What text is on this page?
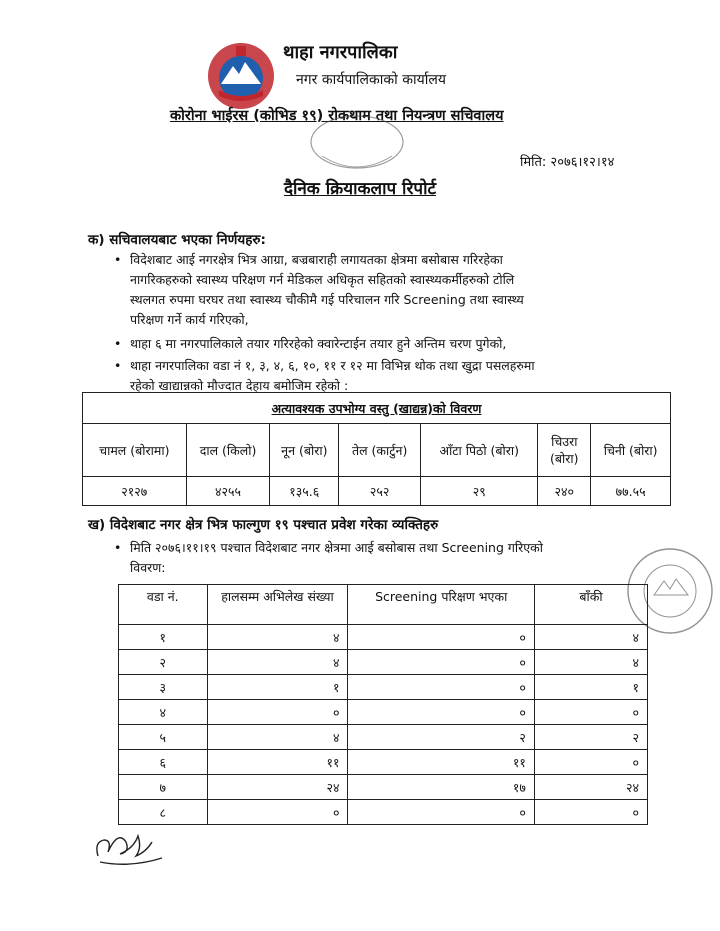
थाहा नगरपालिका
नगर कार्यपालिकाको कार्यालय
कोरोना भाईरस (कोभिड १९) रोकथाम तथा नियन्त्रण सचिवालय
मिति: २०७६।१२।१४
दैनिक क्रियाकलाप रिपोर्ट
क) सचिवालयबाट भएका निर्णयहरु:
• विदेशबाट आई नगरक्षेत्र भित्र आग्रा, बज्रबाराही लगायतका क्षेत्रमा बसोबास गरिरहेका
नागरिकहरुको स्वास्थ्य परिक्षण गर्न मेडिकल अधिकृत सहितको स्वास्थ्यकर्मीहरुको टोलि
स्थलगत रुपमा घरघर तथा स्वास्थ्य चौकीमै गई परिचालन गरि Screening तथा स्वास्थ्य
परिक्षण गर्ने कार्य गरिएको,
• थाहा ६ मा नगरपालिकाले तयार गरिरहेको क्वारेन्टाईन तयार हुने अन्तिम चरण पुगेको,
• थाहा नगरपालिका वडा नं १, ३, ४, ६, १०, ११ र १२ मा विभिन्न थोक तथा खुद्रा पसलहरुमा
रहेको खाद्यान्नको मौज्दात देहाय बमोजिम रहेको :
अत्यावश्यक उपभोग्य वस्तु (खाद्यन्न)को विवरण						
चामल (बोरामा)	दाल (किलो)	नून (बोरा)	तेल (कार्टुन)	आँटा पिठो (बोरा)	चिउरा (बोरा)	चिनी (बोरा)
२१२७	४२५५	१३५.६	२५२	२९	२४०	७७.५५
ख) विदेशबाट नगर क्षेत्र भित्र फाल्गुण १९ पश्चात प्रवेश गरेका व्यक्तिहरु
• मिति २०७६।११।१९ पश्चात विदेशबाट नगर क्षेत्रमा आई बसोबास तथा Screening गरिएको
विवरण:
वडा नं.	हालसम्म अभिलेख संख्या	Screening परिक्षण भएका	बाँकी
१	४	०	४
२	४	०	४
३	१	०	१
४	०	०	०
५	४	२	२
६	११	११	०
७	२४	१७	२४
८	०	०	०
